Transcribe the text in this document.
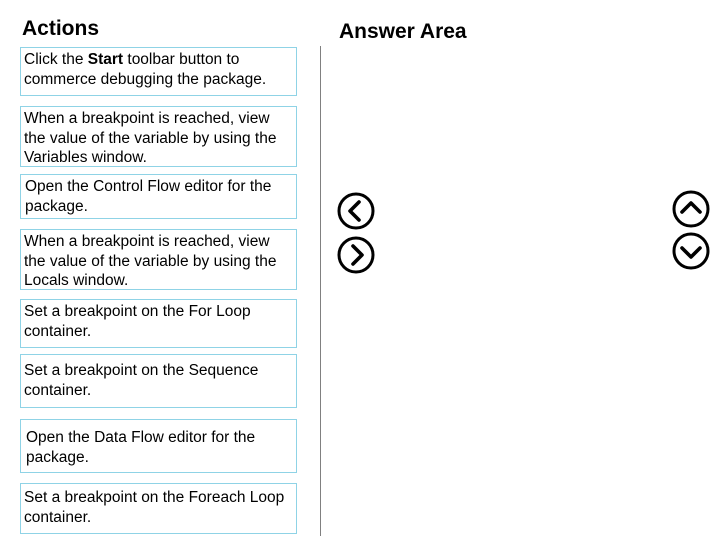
Actions	Answer Area
Click the Start toolbar button to commerce debugging the package.
When a breakpoint is reached, view the value of the variable by using the Variables window.
Open the Control Flow editor for the package.
When a breakpoint is reached, view the value of the variable by using the Locals window.
Set a breakpoint on the For Loop container.
Set a breakpoint on the Sequence container.
Open the Data Flow editor for the package.
Set a breakpoint on the Foreach Loop container.
